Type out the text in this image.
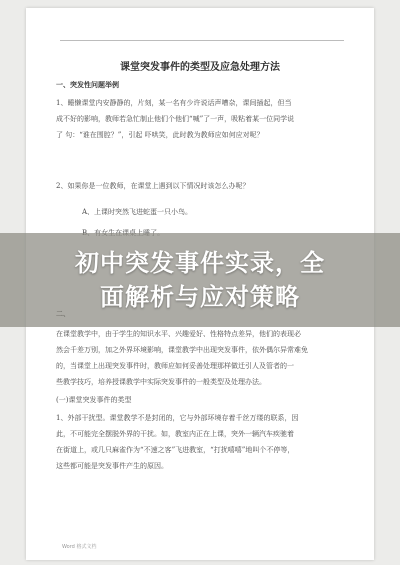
课堂突发事件的类型及应急处理方法
一、突发性问题举例
1、睡懒课堂内安静静的，片刻，某一名有少许说话声嘈杂，课间插起，但当
成不好的影响，教师若急忙制止他们个他们“喊”了一声，吸粘着某一位同学说
了 句：“谁在围腔？”，引起 吓哄笑，此时教为教师应如何应对呢？
2、如果你是一位教师，在课堂上遇到以下情况时该怎么办呢？
A、上课时突然飞进蛇蛋一只小鸟。
在课堂教学中，由于学生的知识水平、兴趣爱好、性格特点差异，他们的表现必
然会千差万别，加之外界环境影响，课堂教学中出现突发事件，依外偶尔异常难免
的，当课堂上出现突发事件时，教师应如何妥善处理那样做迁引人及管者的一
些教学技巧，培养授课教学中实际突发事件的一般类型及处理办法。
(一)课堂突发事件的类型
1、外部干扰型。课堂教学不是封闭的，它与外部环境存着千丝万缕的联系，因
此，不可能完全摆脱外界的干扰。如，教室内正在上课，突外一辆汽车疾驰着
在街道上，或几只麻雀作为“不速之客”飞进教室，“打扰嘻嘻”地叫个不停等，
这些都可能是突发事件产生的原因。
Word 格式文档
初中突发事件实录，全
面解析与应对策略
